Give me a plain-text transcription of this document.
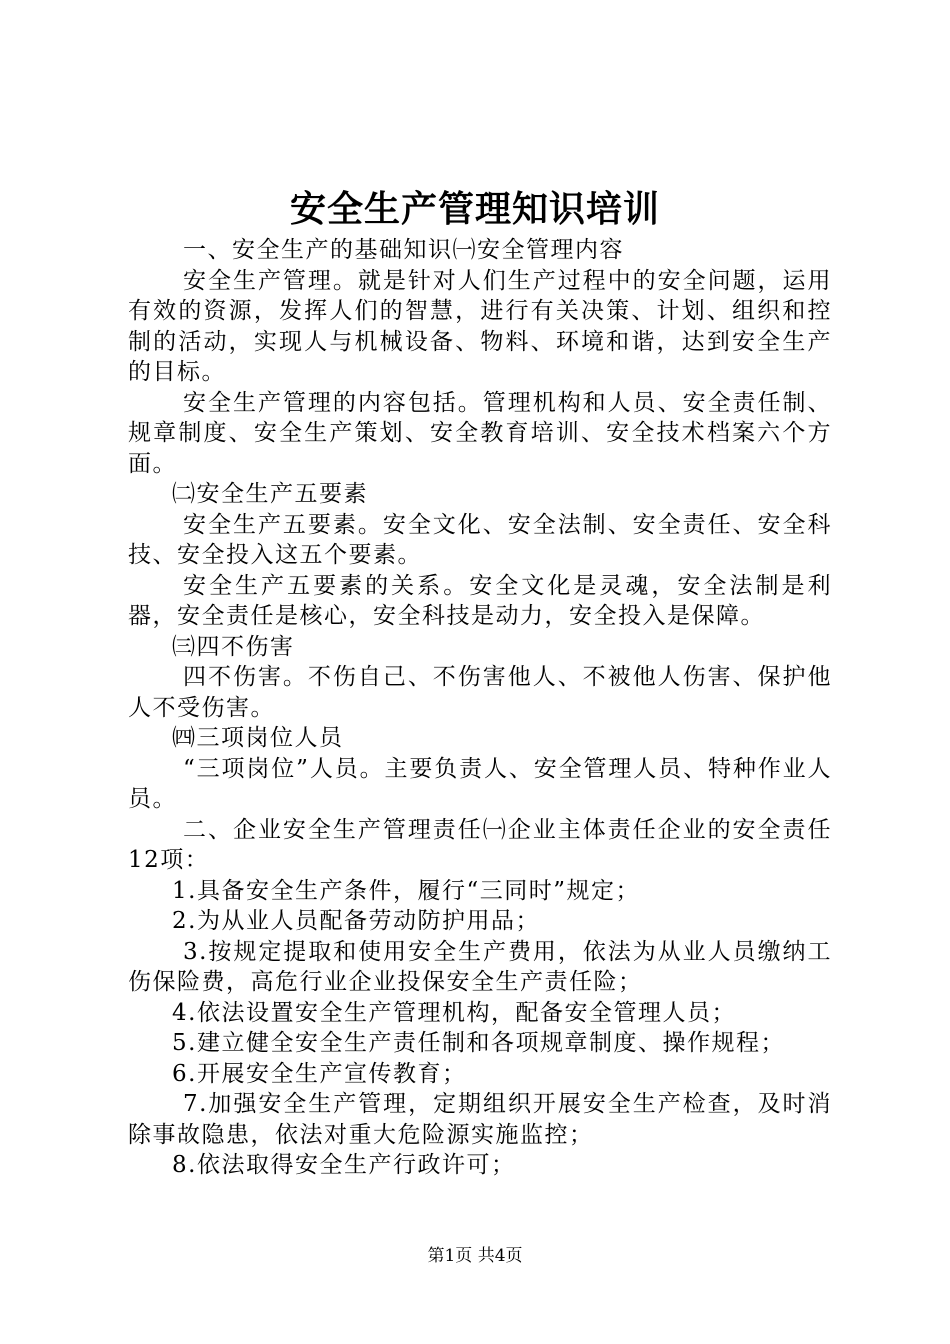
安全生产管理知识培训

一、安全生产的基础知识㈠安全管理内容

安全生产管理。就是针对人们生产过程中的安全问题，运用有效的资源，发挥人们的智慧，进行有关决策、计划、组织和控制的活动，实现人与机械设备、物料、环境和谐，达到安全生产的目标。

安全生产管理的内容包括。管理机构和人员、安全责任制、规章制度、安全生产策划、安全教育培训、安全技术档案六个方面。

㈡安全生产五要素

安全生产五要素。安全文化、安全法制、安全责任、安全科技、安全投入这五个要素。

安全生产五要素的关系。安全文化是灵魂，安全法制是利器，安全责任是核心，安全科技是动力，安全投入是保障。

㈢四不伤害

四不伤害。不伤自己、不伤害他人、不被他人伤害、保护他人不受伤害。

㈣三项岗位人员

“三项岗位”人员。主要负责人、安全管理人员、特种作业人员。

二、企业安全生产管理责任㈠企业主体责任企业的安全责任12项：

1.具备安全生产条件，履行“三同时”规定；

2.为从业人员配备劳动防护用品；

3.按规定提取和使用安全生产费用，依法为从业人员缴纳工伤保险费，高危行业企业投保安全生产责任险；

4.依法设置安全生产管理机构，配备安全管理人员；

5.建立健全安全生产责任制和各项规章制度、操作规程；

6.开展安全生产宣传教育；

7.加强安全生产管理，定期组织开展安全生产检查，及时消除事故隐患，依法对重大危险源实施监控；

8.依法取得安全生产行政许可；

第1页 共4页
